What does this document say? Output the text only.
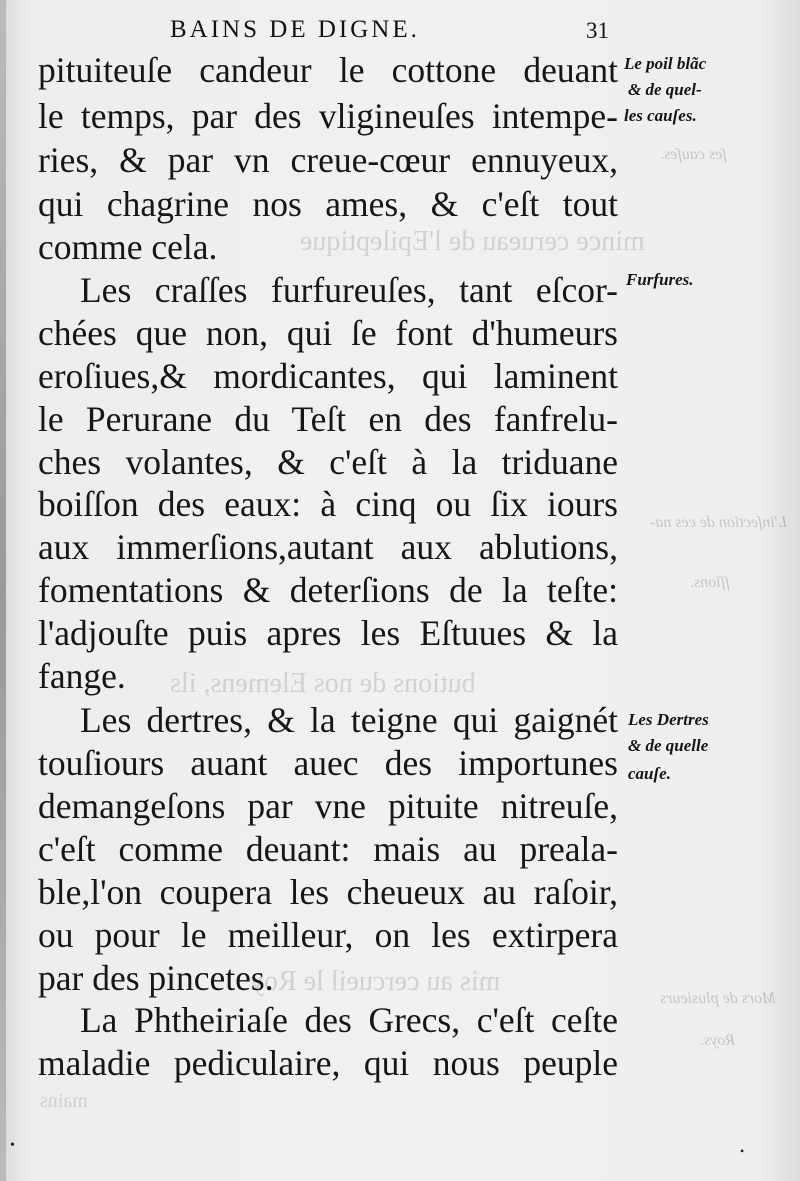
mince cerueau de l'Epileptique
butions de nos Elemens, ils
mis au cercueil le Roy
mains
ſes cauſes.
L'inſection de ces na-
ſſions.
Mors de plusieurs
Roys.
BAINS DE DIGNE.	31
pituiteuſe candeur le cottone deuant
le temps, par des vligineuſes intempe-
ries, & par vn creue-cœur ennuyeux,
qui chagrine nos ames, & c'eſt tout
comme cela.
Les craſſes furfureuſes, tant eſcor-
chées que non, qui ſe font d'humeurs
eroſiues,& mordicantes, qui laminent
le Perurane du Teſt en des fanfrelu-
ches volantes, & c'eſt à la triduane
boiſſon des eaux: à cinq ou ſix iours
aux immerſions,autant aux ablutions,
fomentations & deterſions de la teſte:
l'adjouſte puis apres les Eſtuues & la
fange.
Les dertres, & la teigne qui gaignét
touſiours auant auec des importunes
demangeſons par vne pituite nitreuſe,
c'eſt comme deuant: mais au preala-
ble,l'on coupera les cheueux au raſoir,
ou pour le meilleur, on les extirpera
par des pincetes.
La Phtheiriaſe des Grecs, c'eſt ceſte
maladie pediculaire, qui nous peuple
Le poil blãc
& de quel-
les cauſes.
Furfures.
Les Dertres
& de quelle
cauſe.
•	•
